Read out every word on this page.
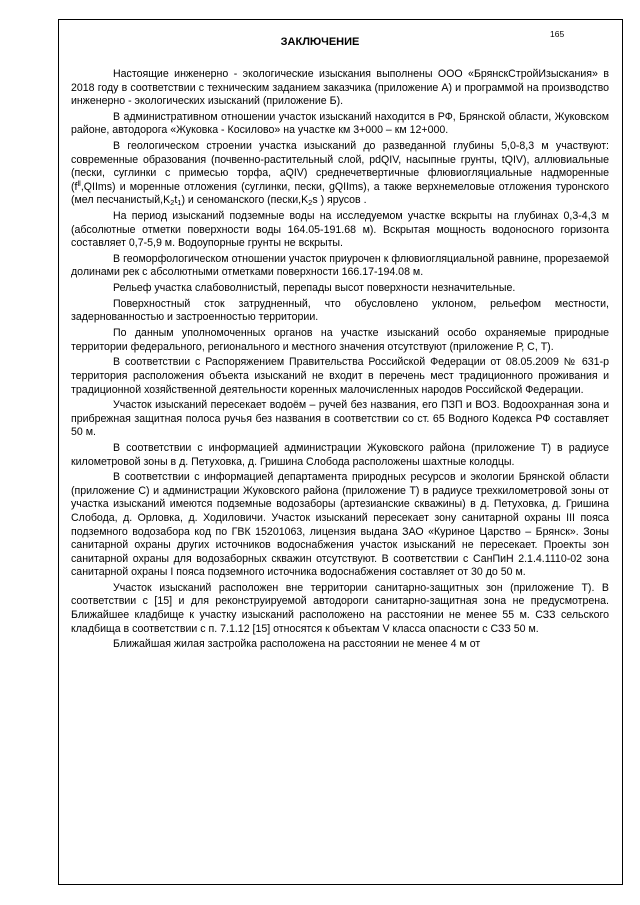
165
ЗАКЛЮЧЕНИЕ

Настоящие инженерно - экологические изыскания выполнены ООО «БрянскСтройИзыскания» в 2018 году в соответствии с техническим заданием заказчика (приложение А) и программой на производство инженерно - экологических изысканий (приложение Б).

В административном отношении участок изысканий находится в РФ, Брянской области, Жуковском районе, автодорога «Жуковка - Косилово» на участке км 3+000 – км 12+000.

В геологическом строении участка изысканий до разведанной глубины 5,0-8,3 м участвуют: современные образования (почвенно-растительный слой, pdQIV, насыпные грунты, tQIV), аллювиальные (пески, суглинки с примесью торфа, aQIV) среднечетвертичные флювиогляциальные надморенные $(f^{ll},QIIms)$ и моренные отложения (суглинки, пески, gQIIms), а также верхнемеловые отложения туронского (мел $песчанистый,K_2t_1$) и сеноманского ($пески,K_2s$ ) ярусов .

На период изысканий подземные воды на исследуемом участке вскрыты на глубинах 0,3-4,3 м (абсолютные отметки поверхности воды 164.05-191.68 м). Вскрытая мощность водоносного горизонта составляет 0,7-5,9 м. Водоупорные грунты не вскрыты.

В геоморфологическом отношении участок приурочен к флювиогляциальной равнине, прорезаемой долинами рек с абсолютными отметками поверхности 166.17-194.08 м.

Рельеф участка слабоволнистый, перепады высот поверхности незначительные.

Поверхностный сток затрудненный, что обусловлено уклоном, рельефом местности, задернованностью и застроенностью территории.

По данным уполномоченных органов на участке изысканий особо охраняемые природные территории федерального, регионального и местного значения отсутствуют (приложение Р, С, Т).

В соответствии с Распоряжением Правительства Российской Федерации от 08.05.2009 № 631-р территория расположения объекта изысканий не входит в перечень мест традиционного проживания и традиционной хозяйственной деятельности коренных малочисленных народов Российской Федерации.

Участок изысканий пересекает водоём – ручей без названия, его ПЗП и ВОЗ. Водоохранная зона и прибрежная защитная полоса ручья без названия в соответствии со ст. 65 Водного Кодекса РФ составляет 50 м.

В соответствии с информацией администрации Жуковского района (приложение Т) в радиусе километровой зоны в д. Петуховка, д. Гришина Слобода расположены шахтные колодцы.

В соответствии с информацией департамента природных ресурсов и экологии Брянской области (приложение С) и администрации Жуковского района (приложение Т) в радиусе трехкилометровой зоны от участка изысканий имеются подземные водозаборы (артезианские скважины) в д. Петуховка, д. Гришина Слобода, д. Орловка, д. Ходиловичи. Участок изысканий пересекает зону санитарной охраны III пояса подземного водозабора код по ГВК 15201063, лицензия выдана ЗАО «Куриное Царство – Брянск». Зоны санитарной охраны других источников водоснабжения участок изысканий не пересекает. Проекты зон санитарной охраны для водозаборных скважин отсутствуют. В соответствии с СанПиН 2.1.4.1110-02 зона санитарной охраны I пояса подземного источника водоснабжения составляет от 30 до 50 м.

Участок изысканий расположен вне территории санитарно-защитных зон (приложение Т). В соответствии с [15] и для реконструируемой автодороги санитарно-защитная зона не предусмотрена. Ближайшее кладбище к участку изысканий расположено на расстоянии не менее 55 м. СЗЗ сельского кладбища в соответствии с п. 7.1.12 [15] относятся к объектам V класса опасности с СЗЗ 50 м.

Ближайшая жилая застройка расположена на расстоянии не менее 4 м от
